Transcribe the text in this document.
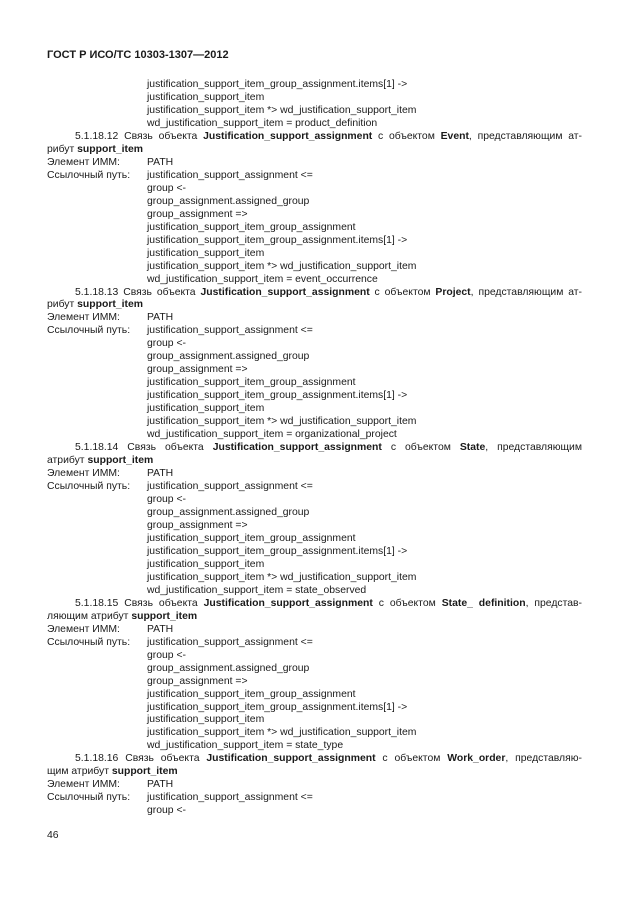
ГОСТ Р ИСО/ТС 10303-1307—2012
justification_support_item_group_assignment.items[1] ->
justification_support_item
justification_support_item *> wd_justification_support_item
wd_justification_support_item = product_definition
5.1.18.12 Связь объекта Justification_support_assignment с объектом Event, представляющим ат-
рибут support_item
Элемент ИММ:	PATH
Ссылочный путь: justification_support_assignment <=
group <-
group_assignment.assigned_group
group_assignment =>
justification_support_item_group_assignment
justification_support_item_group_assignment.items[1] ->
justification_support_item
justification_support_item *> wd_justification_support_item
wd_justification_support_item = event_occurrence
5.1.18.13 Связь объекта Justification_support_assignment с объектом Project, представляющим ат-
рибут support_item
Элемент ИММ:	PATH
Ссылочный путь: justification_support_assignment <=
group <-
group_assignment.assigned_group
group_assignment =>
justification_support_item_group_assignment
justification_support_item_group_assignment.items[1] ->
justification_support_item
justification_support_item *> wd_justification_support_item
wd_justification_support_item = organizational_project
5.1.18.14 Связь объекта Justification_support_assignment с объектом State, представляющим
атрибут support_item
Элемент ИММ:	PATH
Ссылочный путь: justification_support_assignment <=
group <-
group_assignment.assigned_group
group_assignment =>
justification_support_item_group_assignment
justification_support_item_group_assignment.items[1] ->
justification_support_item
justification_support_item *> wd_justification_support_item
wd_justification_support_item = state_observed
5.1.18.15 Связь объекта Justification_support_assignment с объектом State_ definition, представ-
ляющим атрибут support_item
Элемент ИММ:	PATH
Ссылочный путь: justification_support_assignment <=
group <-
group_assignment.assigned_group
group_assignment =>
justification_support_item_group_assignment
justification_support_item_group_assignment.items[1] ->
justification_support_item
justification_support_item *> wd_justification_support_item
wd_justification_support_item = state_type
5.1.18.16 Связь объекта Justification_support_assignment с объектом Work_order, представляю-
щим атрибут support_item
Элемент ИММ:	PATH
Ссылочный путь: justification_support_assignment <=
group <-
46
